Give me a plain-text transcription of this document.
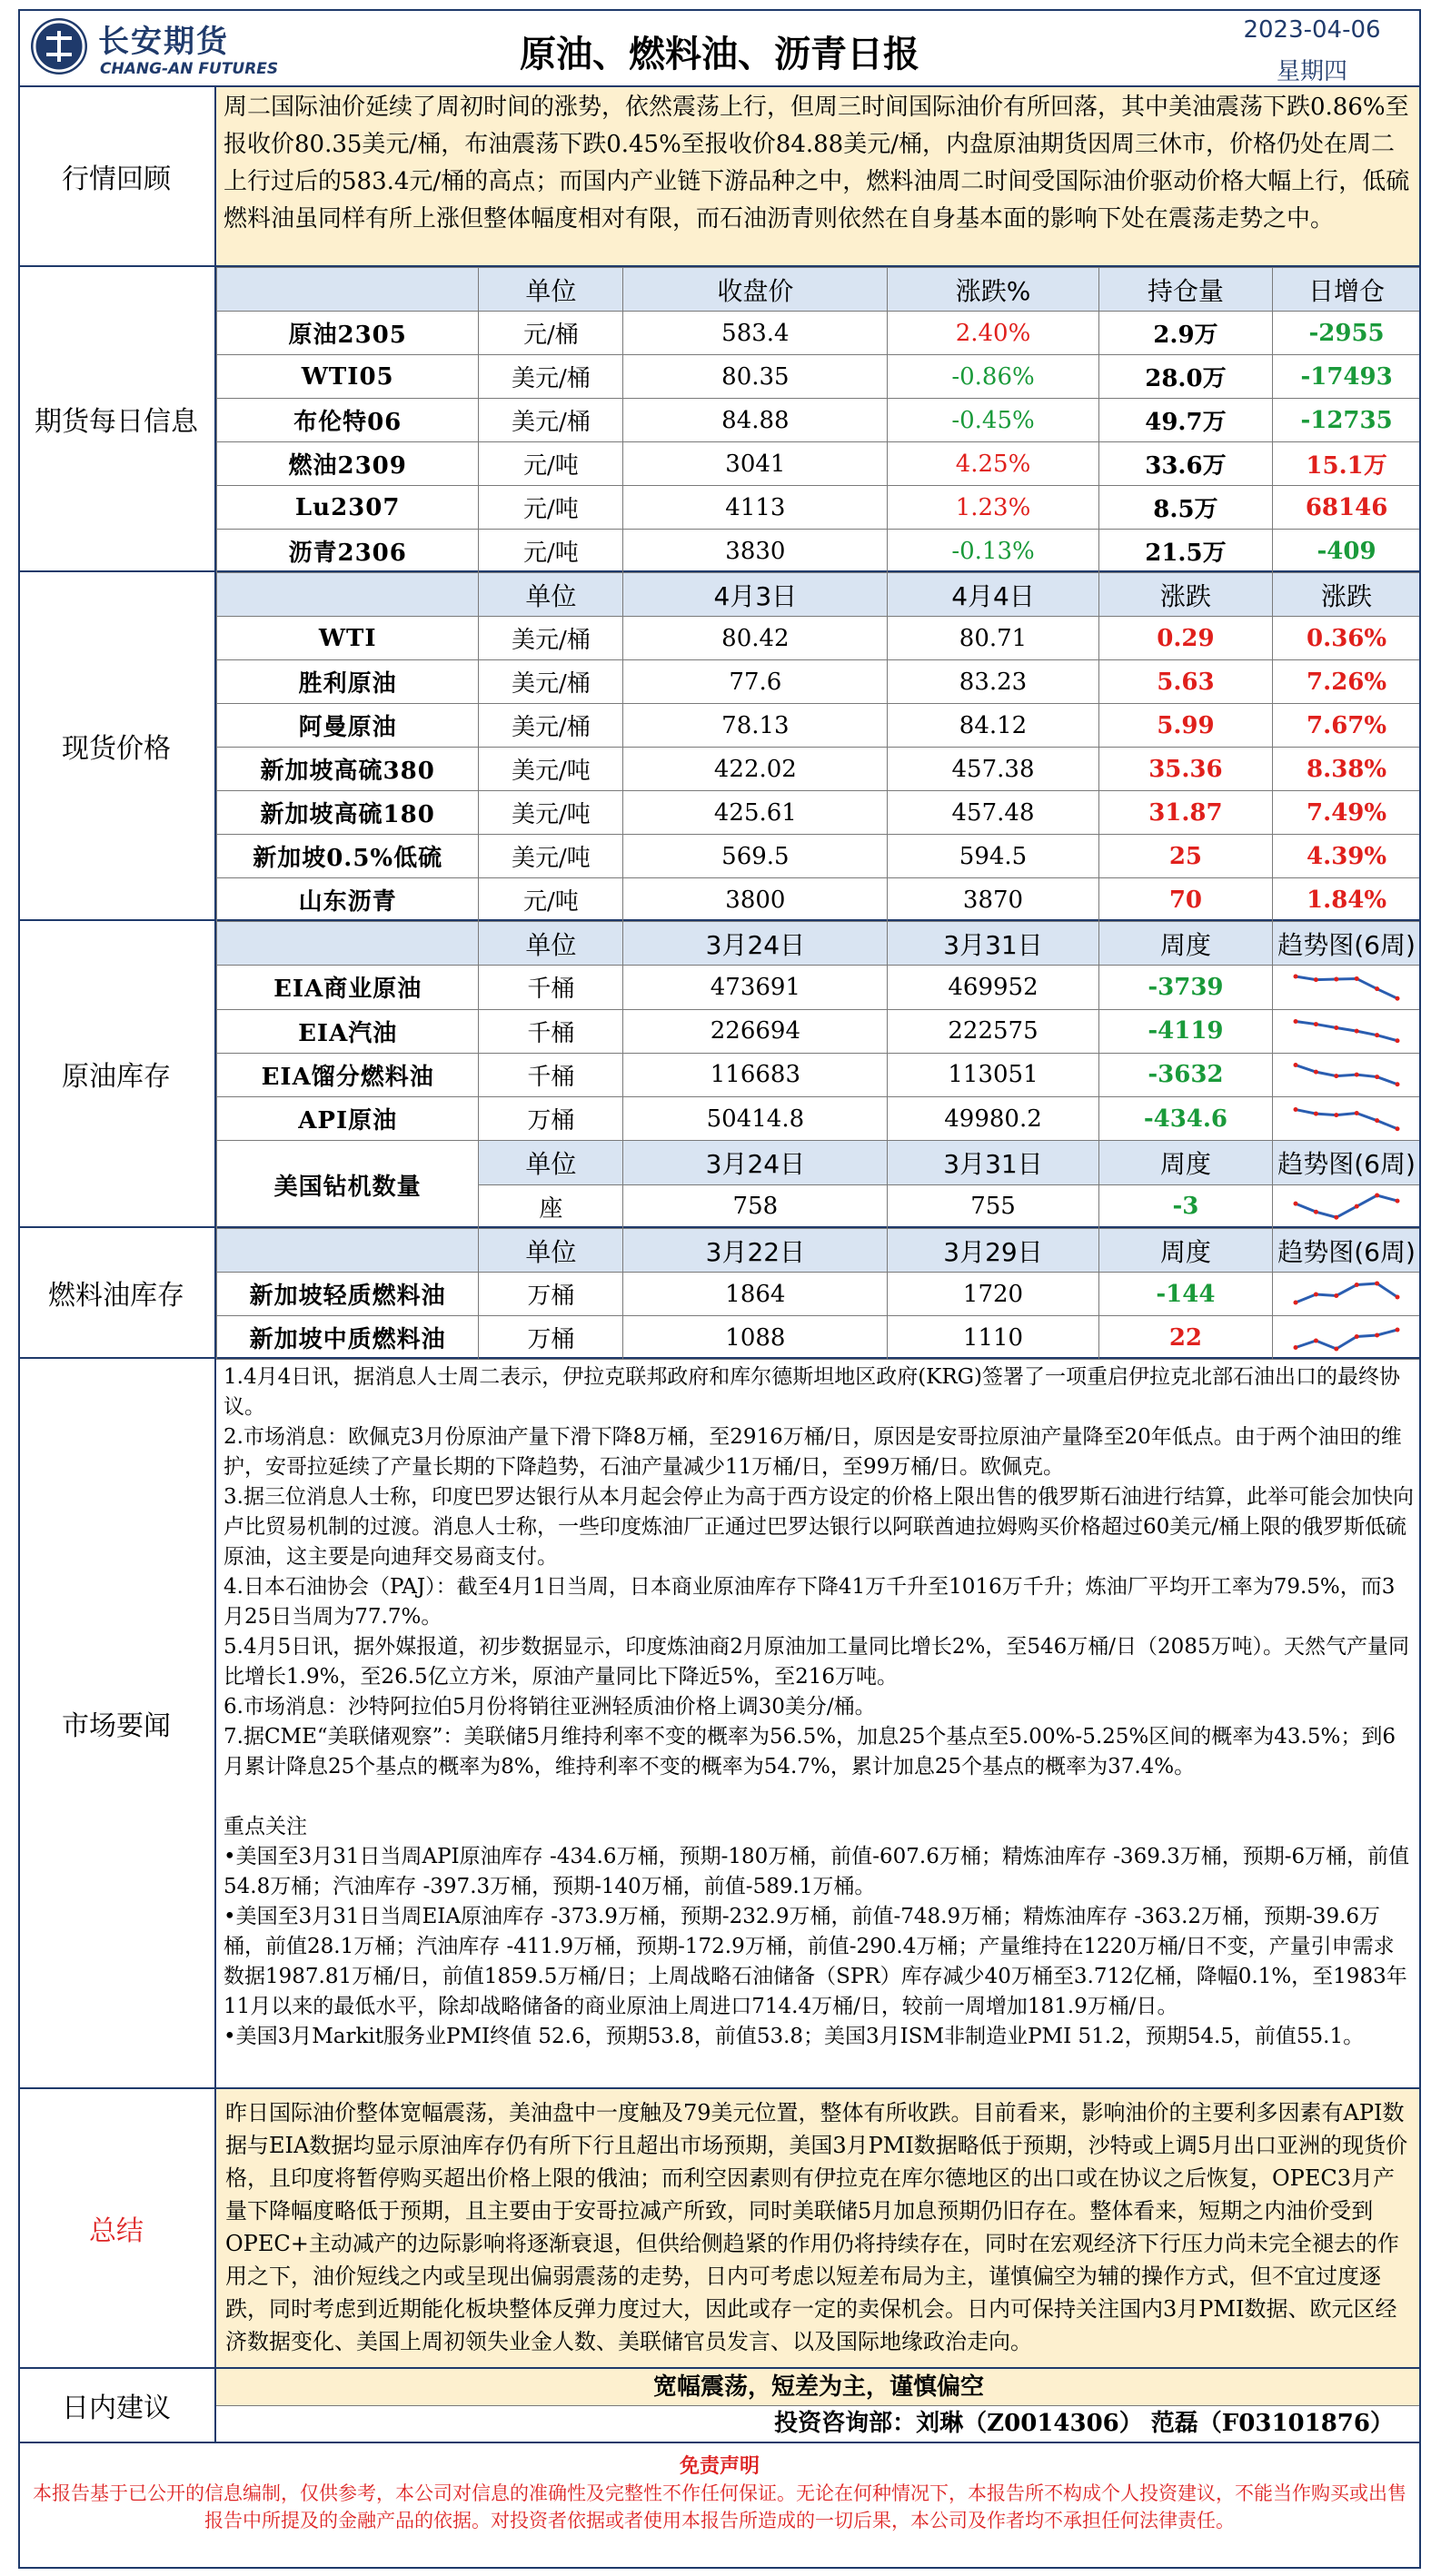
长安期货
CHANG-AN FUTURES	原油、燃料油、沥青日报
2023-04-06
星期四
行情回顾
周二国际油价延续了周初时间的涨势，依然震荡上行，但周三时间国际油价有所回落，其中美油震荡下跌0.86%至报收价80.35美元/桶，布油震荡下跌0.45%至报收价84.88美元/桶，内盘原油期货因周三休市，价格仍处在周二上行过后的583.4元/桶的高点；而国内产业链下游品种之中，燃料油周二时间受国际油价驱动价格大幅上行，低硫燃料油虽同样有所上涨但整体幅度相对有限，而石油沥青则依然在自身基本面的影响下处在震荡走势之中。
期货每日信息
	单位	收盘价	涨跌%	持仓量	日增仓
原油2305	元/桶	583.4	2.40%	2.9万	-2955
WTI05	美元/桶	80.35	-0.86%	28.0万	-17493
布伦特06	美元/桶	84.88	-0.45%	49.7万	-12735
燃油2309	元/吨	3041	4.25%	33.6万	15.1万
Lu2307	元/吨	4113	1.23%	8.5万	68146
沥青2306	元/吨	3830	-0.13%	21.5万	-409
现货价格
	单位	4月3日	4月4日	涨跌	涨跌
WTI	美元/桶	80.42	80.71	0.29	0.36%
胜利原油	美元/桶	77.6	83.23	5.63	7.26%
阿曼原油	美元/桶	78.13	84.12	5.99	7.67%
新加坡高硫380	美元/吨	422.02	457.38	35.36	8.38%
新加坡高硫180	美元/吨	425.61	457.48	31.87	7.49%
新加坡0.5%低硫	美元/吨	569.5	594.5	25	4.39%
山东沥青	元/吨	3800	3870	70	1.84%
原油库存
	单位	3月24日	3月31日	周度	趋势图(6周)
EIA商业原油	千桶	473691	469952	-3739	

EIA汽油	千桶	226694	222575	-4119	

EIA馏分燃料油	千桶	116683	113051	-3632	

API原油	万桶	50414.8	49980.2	-434.6	

美国钻机数量	单位	3月24日	3月31日	周度	趋势图(6周)
	座	758	755	-3	
燃料油库存
	单位	3月22日	3月29日	周度	趋势图(6周)
新加坡轻质燃料油	万桶	1864	1720	-144	

新加坡中质燃料油	万桶	1088	1110	22	
市场要闻
1.4月4日讯，据消息人士周二表示，伊拉克联邦政府和库尔德斯坦地区政府(KRG)签署了一项重启伊拉克北部石油出口的最终协议。
2.市场消息：欧佩克3月份原油产量下滑下降8万桶，至2916万桶/日，原因是安哥拉原油产量降至20年低点。由于两个油田的维护，安哥拉延续了产量长期的下降趋势，石油产量减少11万桶/日，至99万桶/日。欧佩克。
3.据三位消息人士称，印度巴罗达银行从本月起会停止为高于西方设定的价格上限出售的俄罗斯石油进行结算，此举可能会加快向卢比贸易机制的过渡。消息人士称，一些印度炼油厂正通过巴罗达银行以阿联酋迪拉姆购买价格超过60美元/桶上限的俄罗斯低硫原油，这主要是向迪拜交易商支付。
4.日本石油协会（PAJ）：截至4月1日当周，日本商业原油库存下降41万千升至1016万千升；炼油厂平均开工率为79.5%，而3月25日当周为77.7%。
5.4月5日讯，据外媒报道，初步数据显示，印度炼油商2月原油加工量同比增长2%，至546万桶/日（2085万吨）。天然气产量同比增长1.9%，至26.5亿立方米，原油产量同比下降近5%，至216万吨。
6.市场消息：沙特阿拉伯5月份将销往亚洲轻质油价格上调30美分/桶。
7.据CME“美联储观察”：美联储5月维持利率不变的概率为56.5%，加息25个基点至5.00%-5.25%区间的概率为43.5%；到6月累计降息25个基点的概率为8%，维持利率不变的概率为54.7%，累计加息25个基点的概率为37.4%。
重点关注
•美国至3月31日当周API原油库存 -434.6万桶，预期-180万桶，前值-607.6万桶；精炼油库存 -369.3万桶，预期-6万桶，前值54.8万桶；汽油库存 -397.3万桶，预期-140万桶，前值-589.1万桶。
•美国至3月31日当周EIA原油库存 -373.9万桶，预期-232.9万桶，前值-748.9万桶；精炼油库存 -363.2万桶，预期-39.6万桶，前值28.1万桶；汽油库存 -411.9万桶，预期-172.9万桶，前值-290.4万桶；产量维持在1220万桶/日不变，产量引申需求数据1987.81万桶/日，前值1859.5万桶/日；上周战略石油储备（SPR）库存减少40万桶至3.712亿桶，降幅0.1%，至1983年11月以来的最低水平，除却战略储备的商业原油上周进口714.4万桶/日，较前一周增加181.9万桶/日。
•美国3月Markit服务业PMI终值 52.6，预期53.8，前值53.8；美国3月ISM非制造业PMI 51.2，预期54.5，前值55.1。
总结
昨日国际油价整体宽幅震荡，美油盘中一度触及79美元位置，整体有所收跌。目前看来，影响油价的主要利多因素有API数据与EIA数据均显示原油库存仍有所下行且超出市场预期，美国3月PMI数据略低于预期，沙特或上调5月出口亚洲的现货价格，且印度将暂停购买超出价格上限的俄油；而利空因素则有伊拉克在库尔德地区的出口或在协议之后恢复，OPEC3月产量下降幅度略低于预期，且主要由于安哥拉减产所致，同时美联储5月加息预期仍旧存在。整体看来，短期之内油价受到OPEC+主动减产的边际影响将逐渐衰退，但供给侧趋紧的作用仍将持续存在，同时在宏观经济下行压力尚未完全褪去的作用之下，油价短线之内或呈现出偏弱震荡的走势，日内可考虑以短差布局为主，谨慎偏空为辅的操作方式，但不宜过度逐跌，同时考虑到近期能化板块整体反弹力度过大，因此或存一定的卖保机会。日内可保持关注国内3月PMI数据、欧元区经济数据变化、美国上周初领失业金人数、美联储官员发言、以及国际地缘政治走向。
日内建议
宽幅震荡，短差为主，谨慎偏空
投资咨询部：刘琳（Z0014306） 范磊（F03101876）
免责声明
本报告基于已公开的信息编制，仅供参考，本公司对信息的准确性及完整性不作任何保证。无论在何种情况下，本报告所不构成个人投资建议，不能当作购买或出售报告中所提及的金融产品的依据。对投资者依据或者使用本报告所造成的一切后果，本公司及作者均不承担任何法律责任。
